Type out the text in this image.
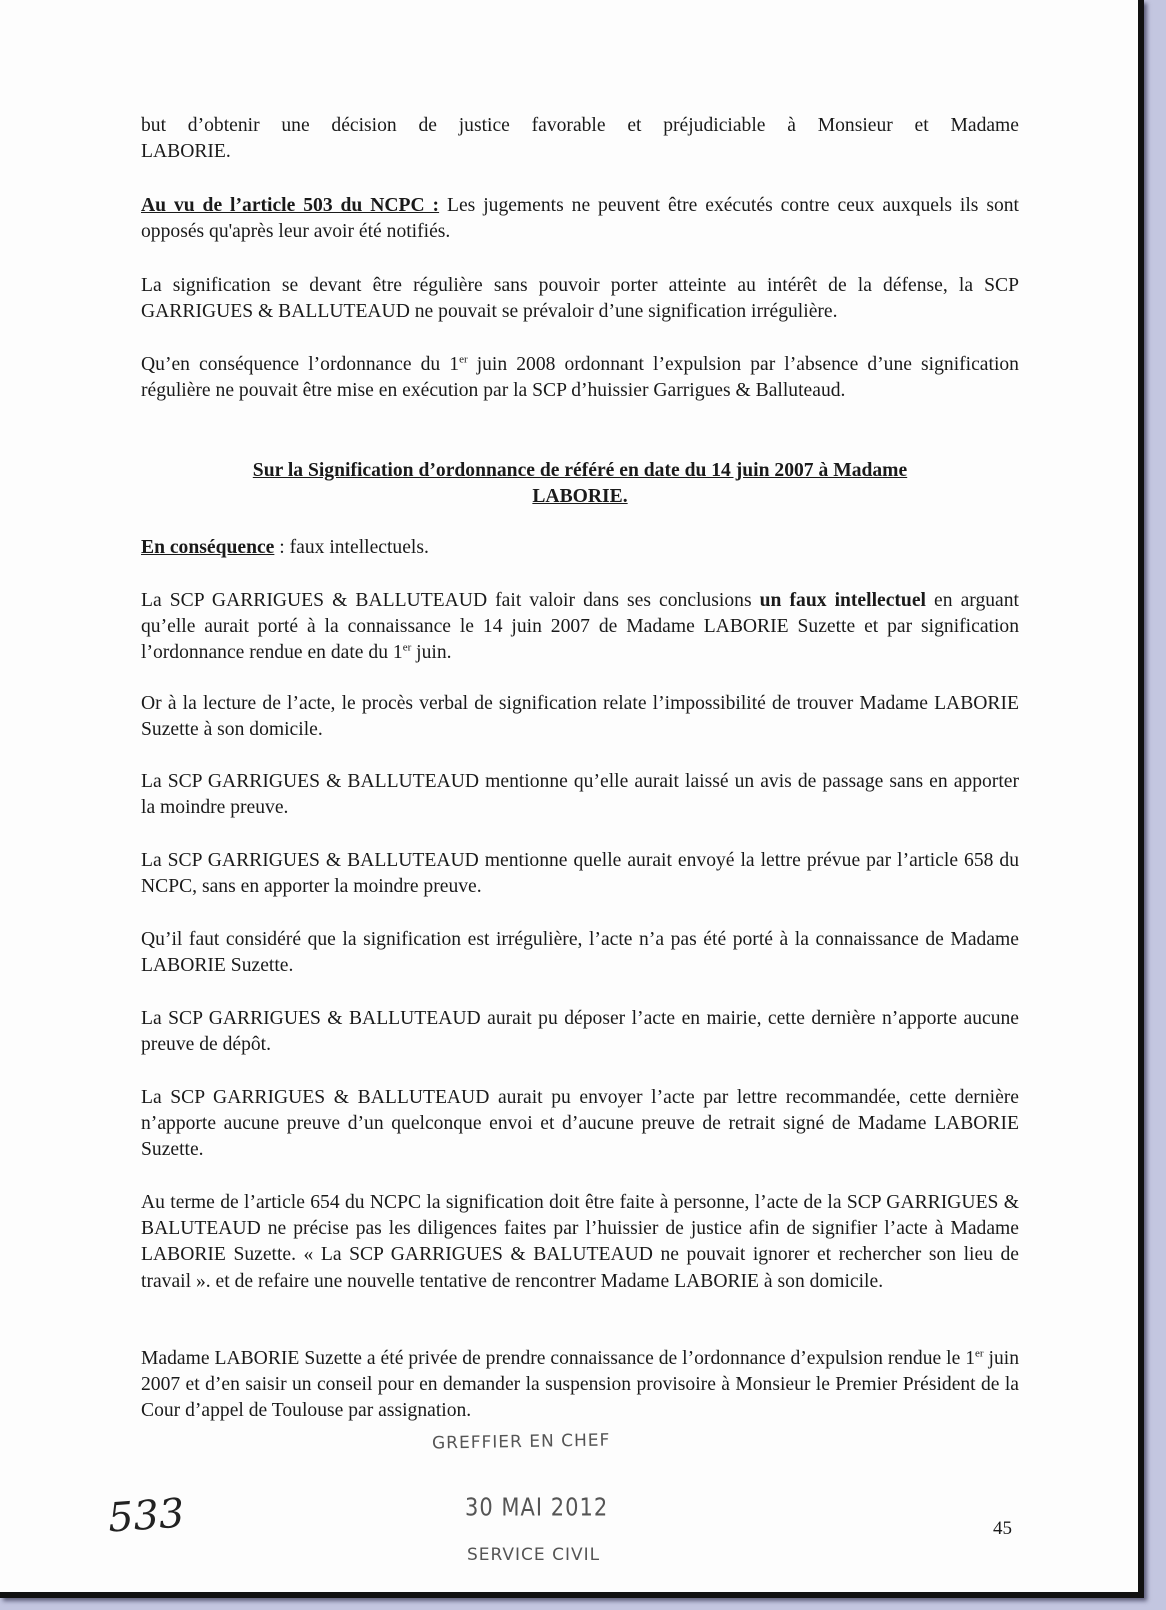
but d’obtenir une décision de justice favorable et préjudiciable à Monsieur et Madame
LABORIE.

Au vu de l’article 503 du NCPC : Les jugements ne peuvent être exécutés contre ceux auxquels ils sont opposés qu'après leur avoir été notifiés.

La signification se devant être régulière sans pouvoir porter atteinte au intérêt de la défense, la SCP GARRIGUES & BALLUTEAUD ne pouvait se prévaloir d’une signification irrégulière.

Qu’en conséquence l’ordonnance du 1er juin 2008 ordonnant l’expulsion par l’absence d’une signification régulière ne pouvait être mise en exécution par la SCP d’huissier Garrigues & Balluteaud.

Sur la Signification d’ordonnance de référé en date du 14 juin 2007 à Madame
LABORIE.

En conséquence : faux intellectuels.

La SCP GARRIGUES & BALLUTEAUD fait valoir dans ses conclusions un faux intellectuel en arguant qu’elle aurait porté à la connaissance le 14 juin 2007 de Madame LABORIE Suzette et par signification l’ordonnance rendue en date du 1er juin.

Or à la lecture de l’acte, le procès verbal de signification relate l’impossibilité de trouver Madame LABORIE Suzette à son domicile.

La SCP GARRIGUES & BALLUTEAUD mentionne qu’elle aurait laissé un avis de passage sans en apporter la moindre preuve.

La SCP GARRIGUES & BALLUTEAUD mentionne quelle aurait envoyé la lettre prévue par l’article 658 du NCPC, sans en apporter la moindre preuve.

Qu’il faut considéré que la signification est irrégulière, l’acte n’a pas été porté à la connaissance de Madame LABORIE Suzette.

La SCP GARRIGUES & BALLUTEAUD aurait pu déposer l’acte en mairie, cette dernière n’apporte aucune preuve de dépôt.

La SCP GARRIGUES & BALLUTEAUD aurait pu envoyer l’acte par lettre recommandée, cette dernière n’apporte aucune preuve d’un quelconque envoi et d’aucune preuve de retrait signé de Madame LABORIE Suzette.

Au terme de l’article 654 du NCPC la signification doit être faite à personne, l’acte de la SCP GARRIGUES & BALUTEAUD ne précise pas les diligences faites par l’huissier de justice afin de signifier l’acte à Madame LABORIE Suzette. « La SCP GARRIGUES & BALUTEAUD ne pouvait ignorer et rechercher son lieu de travail ». et de refaire une nouvelle tentative de rencontrer Madame LABORIE à son domicile.

Madame LABORIE Suzette a été privée de prendre connaissance de l’ordonnance d’expulsion rendue le 1er juin 2007 et d’en saisir un conseil pour en demander la suspension provisoire à Monsieur le Premier Président de la Cour d’appel de Toulouse par assignation.

GREFFIER EN CHEF
30 MAI 2012
SERVICE CIVIL
533	45
